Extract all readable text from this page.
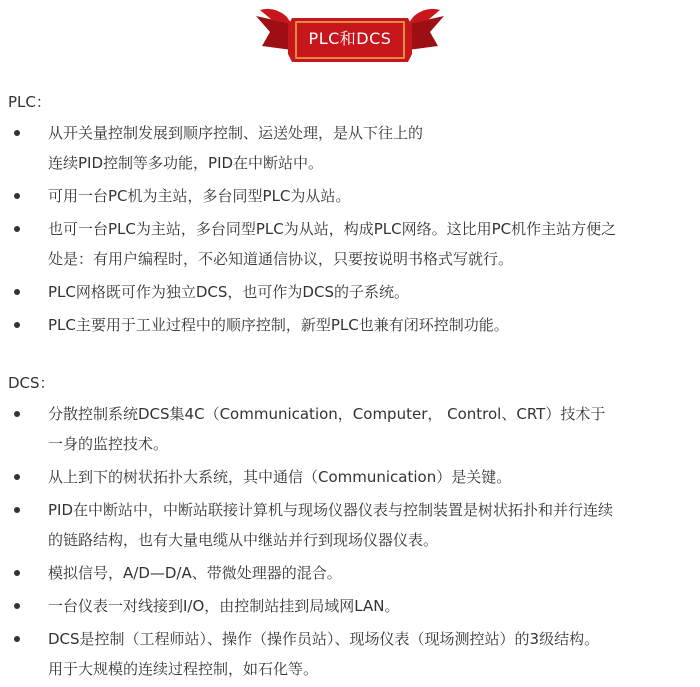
PLC和DCS
PLC：
从开关量控制发展到顺序控制、运送处理，是从下往上的
连续PID控制等多功能，PID在中断站中。
可用一台PC机为主站，多台同型PLC为从站。
也可一台PLC为主站，多台同型PLC为从站，构成PLC网络。这比用PC机作主站方便之
处是：有用户编程时，不必知道通信协议，只要按说明书格式写就行。
PLC网格既可作为独立DCS，也可作为DCS的子系统。
PLC主要用于工业过程中的顺序控制，新型PLC也兼有闭环控制功能。
DCS：
分散控制系统DCS集4C（Communication，Computer， Control、CRT）技术于
一身的监控技术。
从上到下的树状拓扑大系统，其中通信（Communication）是关键。
PID在中断站中，中断站联接计算机与现场仪器仪表与控制装置是树状拓扑和并行连续
的链路结构，也有大量电缆从中继站并行到现场仪器仪表。
模拟信号，A/D—D/A、带微处理器的混合。
一台仪表一对线接到I/O，由控制站挂到局域网LAN。
DCS是控制（工程师站）、操作（操作员站）、现场仪表（现场测控站）的3级结构。
用于大规模的连续过程控制，如石化等。
